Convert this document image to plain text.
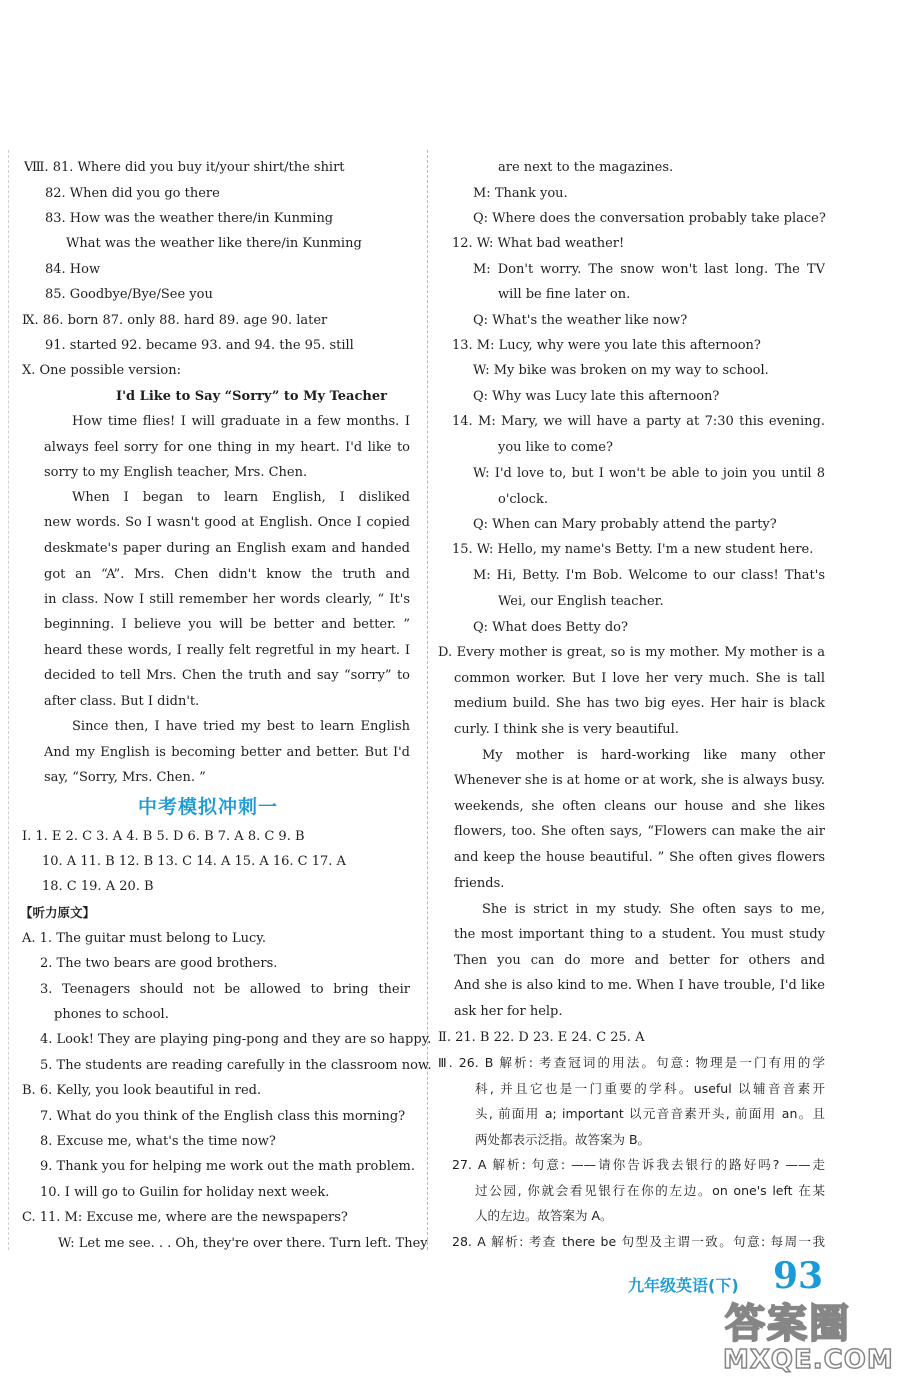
Ⅷ. 81. Where did you buy it/your shirt/the shirt
82. When did you go there
83. How was the weather there/in Kunming
What was the weather like there/in Kunming
84. How
85. Goodbye/Bye/See you
Ⅸ. 86. born 87. only 88. hard 89. age 90. later
91. started 92. became 93. and 94. the 95. still
Ⅹ. One possible version:
I'd Like to Say “Sorry” to My Teacher
How time flies! I will graduate in a few months. I
always feel sorry for one thing in my heart. I'd like to
sorry to my English teacher, Mrs. Chen.
When I began to learn English, I disliked
new words. So I wasn't good at English. Once I copied
deskmate's paper during an English exam and handed
got an “A”. Mrs. Chen didn't know the truth and
in class. Now I still remember her words clearly, “ It's
beginning. I believe you will be better and better. ”
heard these words, I really felt regretful in my heart. I
decided to tell Mrs. Chen the truth and say “sorry” to
after class. But I didn't.
Since then, I have tried my best to learn English
And my English is becoming better and better. But I'd
say, “Sorry, Mrs. Chen. ”
中考模拟冲刺一
Ⅰ. 1. E 2. C 3. A 4. B 5. D 6. B 7. A 8. C 9. B
10. A 11. B 12. B 13. C 14. A 15. A 16. C 17. A
18. C 19. A 20. B
【听力原文】
A. 1. The guitar must belong to Lucy.
2. The two bears are good brothers.
3. Teenagers should not be allowed to bring their
phones to school.
4. Look! They are playing ping-pong and they are so happy.
5. The students are reading carefully in the classroom now.
B. 6. Kelly, you look beautiful in red.
7. What do you think of the English class this morning?
8. Excuse me, what's the time now?
9. Thank you for helping me work out the math problem.
10. I will go to Guilin for holiday next week.
C. 11. M: Excuse me, where are the newspapers?
W: Let me see. . . Oh, they're over there. Turn left. They
are next to the magazines.
M: Thank you.
Q: Where does the conversation probably take place?
12. W: What bad weather!
M: Don't worry. The snow won't last long. The TV
will be fine later on.
Q: What's the weather like now?
13. M: Lucy, why were you late this afternoon?
W: My bike was broken on my way to school.
Q: Why was Lucy late this afternoon?
14. M: Mary, we will have a party at 7:30 this evening.
you like to come?
W: I'd love to, but I won't be able to join you until 8
o'clock.
Q: When can Mary probably attend the party?
15. W: Hello, my name's Betty. I'm a new student here.
M: Hi, Betty. I'm Bob. Welcome to our class! That's
Wei, our English teacher.
Q: What does Betty do?
D. Every mother is great, so is my mother. My mother is a
common worker. But I love her very much. She is tall
medium build. She has two big eyes. Her hair is black
curly. I think she is very beautiful.
My mother is hard-working like many other
Whenever she is at home or at work, she is always busy.
weekends, she often cleans our house and she likes
flowers, too. She often says, “Flowers can make the air
and keep the house beautiful. ” She often gives flowers
friends.
She is strict in my study. She often says to me,
the most important thing to a student. You must study
Then you can do more and better for others and
And she is also kind to me. When I have trouble, I'd like
ask her for help.
Ⅱ. 21. B 22. D 23. E 24. C 25. A
Ⅲ. 26. B 解析: 考查冠词的用法。句意: 物理是一门有用的学
科, 并且它也是一门重要的学科。useful 以辅音音素开
头, 前面用 a; important 以元音音素开头, 前面用 an。且
两处都表示泛指。故答案为 B。
27. A 解析: 句意: ——请你告诉我去银行的路好吗? ——走
过公园, 你就会看见银行在你的左边。on one's left 在某
人的左边。故答案为 A。
28. A 解析: 考查 there be 句型及主谓一致。句意: 每周一我
九年级英语(下) 93
答案圈
MXQE.COM
